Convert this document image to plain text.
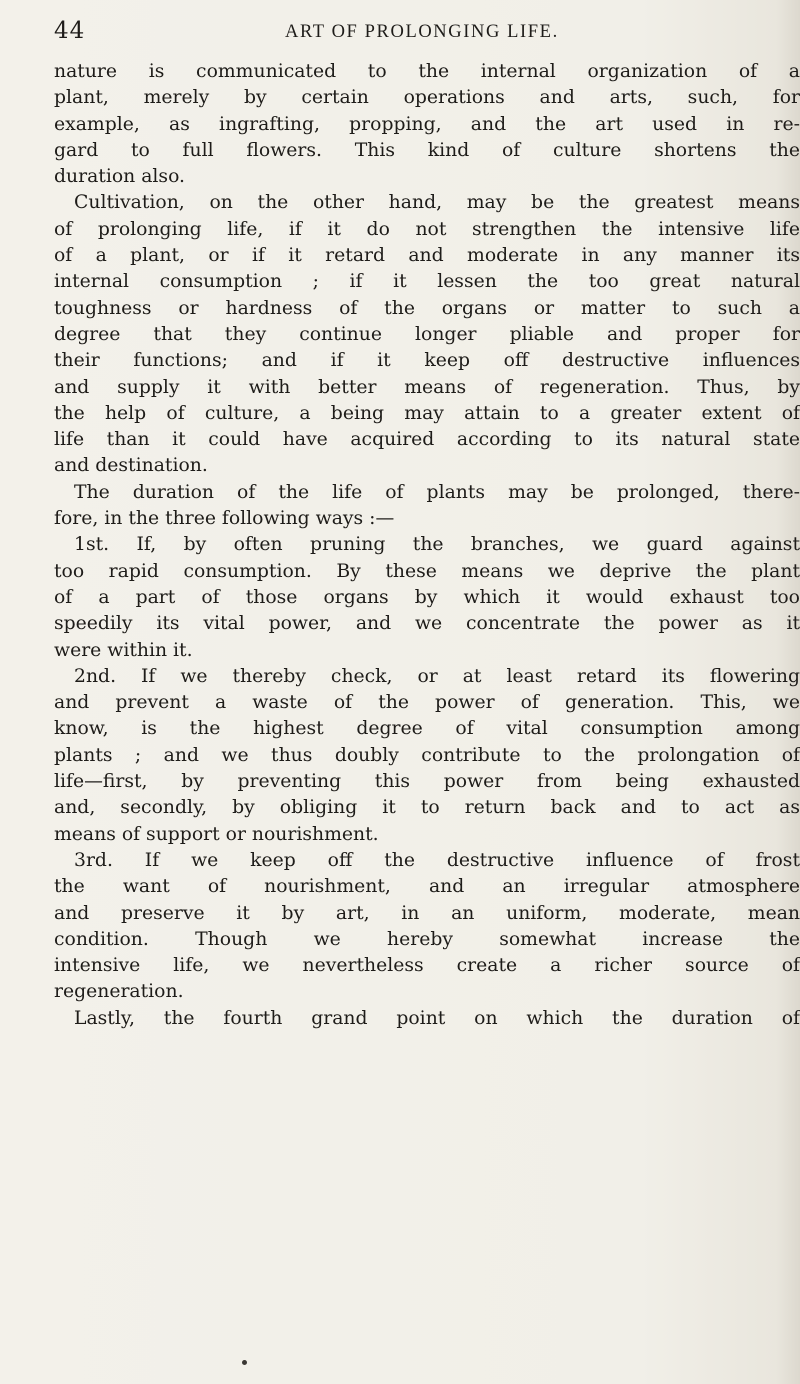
44	ART OF PROLONGING LIFE.
nature is communicated to the internal organization of a
plant, merely by certain operations and arts, such, for
example, as ingrafting, propping, and the art used in re-
gard to full flowers. This kind of culture shortens the
duration also.
Cultivation, on the other hand, may be the greatest means
of prolonging life, if it do not strengthen the intensive life
of a plant, or if it retard and moderate in any manner its
internal consumption ; if it lessen the too great natural
toughness or hardness of the organs or matter to such a
degree that they continue longer pliable and proper for
their functions; and if it keep off destructive influences
and supply it with better means of regeneration. Thus, by
the help of culture, a being may attain to a greater extent of
life than it could have acquired according to its natural state
and destination.
The duration of the life of plants may be prolonged, there-
fore, in the three following ways :—
1st. If, by often pruning the branches, we guard against
too rapid consumption. By these means we deprive the plant
of a part of those organs by which it would exhaust too
speedily its vital power, and we concentrate the power as it
were within it.
2nd. If we thereby check, or at least retard its flowering
and prevent a waste of the power of generation. This, we
know, is the highest degree of vital consumption among
plants ; and we thus doubly contribute to the prolongation of
life—first, by preventing this power from being exhausted
and, secondly, by obliging it to return back and to act as
means of support or nourishment.
3rd. If we keep off the destructive influence of frost
the want of nourishment, and an irregular atmosphere
and preserve it by art, in an uniform, moderate, mean
condition. Though we hereby somewhat increase the
intensive life, we nevertheless create a richer source of
regeneration.
Lastly, the fourth grand point on which the duration of
